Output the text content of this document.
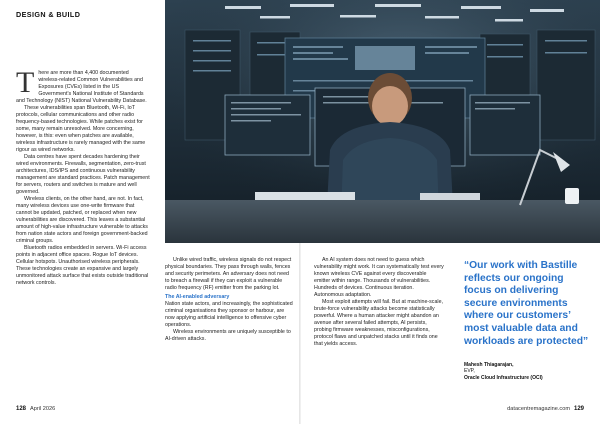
DESIGN & BUILD
T here are more than 4,400 documented wireless-related Common Vulnerabilities and Exposures (CVEs) listed in the US Government's National Institute of Standards and Technology (NIST) National Vulnerability Database.

These vulnerabilities span Bluetooth, Wi-Fi, IoT protocols, cellular communications and other radio frequency-based technologies. While patches exist for some, many remain unresolved. More concerning, however, is this: even when patches are available, wireless infrastructure is rarely managed with the same rigour as wired networks.

Data centres have spent decades hardening their wired environments. Firewalls, segmentation, zero-trust architectures, IDS/IPS and continuous vulnerability management are standard practices. Patch management for servers, routers and switches is mature and well governed.

Wireless clients, on the other hand, are not. In fact, many wireless devices use one-write firmware that cannot be updated, patched, or replaced when new vulnerabilities are discovered. This leaves a substantial amount of high-value infrastructure vulnerable to attacks from nation state actors and foreign government-backed criminal groups.

Bluetooth radios embedded in servers. Wi-Fi access points in adjacent office spaces. Rogue IoT devices. Cellular hotspots. Unauthorised wireless peripherals. These technologies create an expansive and largely unmonitored attack surface that exists outside traditional network controls.

Unlike wired traffic, wireless signals do not respect physical boundaries. They pass through walls, fences and security perimeters. An adversary does not need to breach a firewall if they can exploit a vulnerable radio frequency (RF) emitter from the parking lot.

The AI-enabled adversary

Nation state actors, and increasingly, the sophisticated criminal organisations they sponsor or harbour, are now applying artificial intelligence to offensive cyber operations.

Wireless environments are uniquely susceptible to AI-driven attacks.

An AI system does not need to guess which vulnerability might work. It can systematically test every known wireless CVE against every discoverable emitter within range. Thousands of vulnerabilities. Hundreds of devices. Continuous iteration. Autonomous adaptation.

Most exploit attempts will fail. But at machine-scale, brute-force vulnerability attacks become statistically powerful. Where a human attacker might abandon an avenue after several failed attempts, AI persists, probing firmware weaknesses, misconfigurations, protocol flaws and unpatched stacks until it finds one that yields access.

“Our work with Bastille reflects our ongoing focus on delivering secure environments where our customers’ most valuable data and workloads are protected”
Mahesh Thiagarajan,
EVP,
Oracle Cloud Infrastructure (OCI)
128 April 2026	datacentremagazine.com 129
